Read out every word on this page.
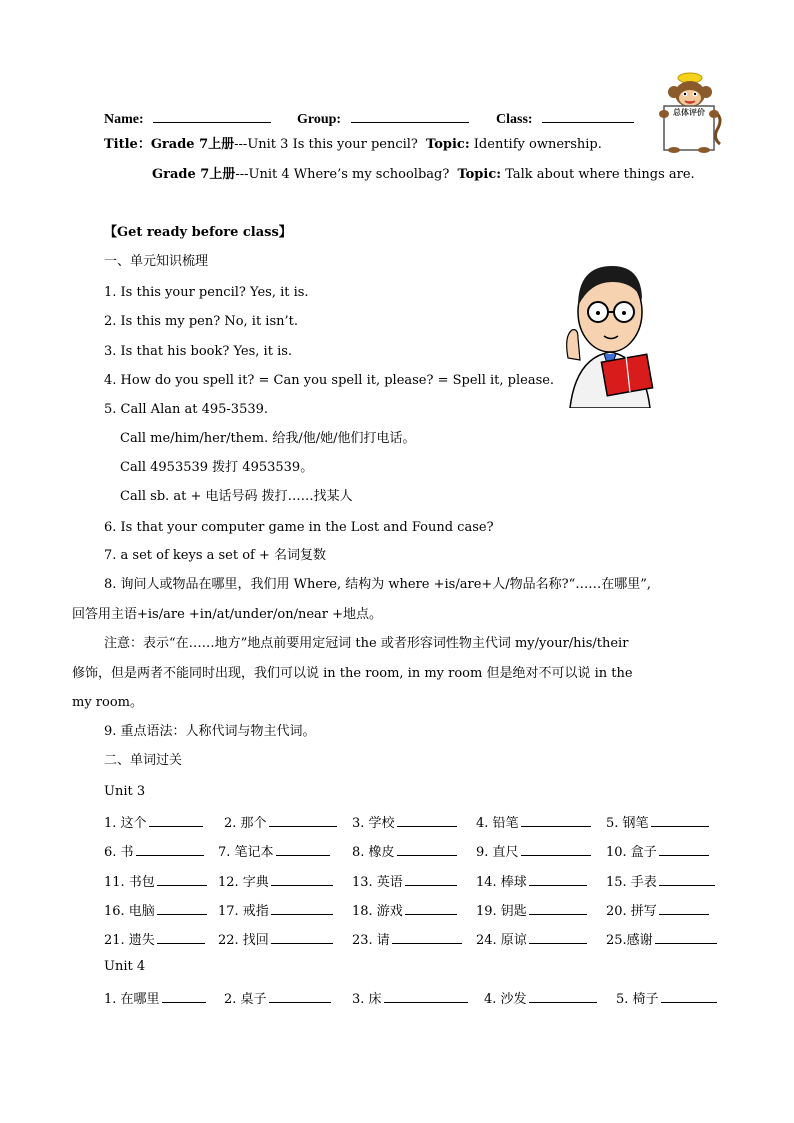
Name:	Group:	Class:
Title：Grade 7上册---Unit 3 Is this your pencil? Topic: Identify ownership.
Grade 7上册---Unit 4 Where’s my schoolbag? Topic: Talk about where things are.
总体评价
【Get ready before class】
一、单元知识梳理
1. Is this your pencil? Yes, it is.
2. Is this my pen? No, it isn’t.
3. Is that his book? Yes, it is.
4. How do you spell it? = Can you spell it, please? = Spell it, please.
5. Call Alan at 495-3539.
Call me/him/her/them. 给我/他/她/他们打电话。
Call 4953539 拨打 4953539。
Call sb. at + 电话号码 拨打……找某人
6. Is that your computer game in the Lost and Found case?
7. a set of keys a set of + 名词复数
8. 询问人或物品在哪里，我们用 Where, 结构为 where +is/are+人/物品名称?“……在哪里”,
回答用主语+is/are +in/at/under/on/near +地点。
注意：表示“在……地方”地点前要用定冠词 the 或者形容词性物主代词 my/your/his/their
修饰，但是两者不能同时出现，我们可以说 in the room, in my room 但是绝对不可以说 in the
my room。
9. 重点语法：人称代词与物主代词。
二、单词过关
Unit 3
1. 这个	2. 那个	3. 学校	4. 铅笔	5. 钢笔
6. 书	7. 笔记本	8. 橡皮	9. 直尺	10. 盒子
11. 书包	12. 字典	13. 英语	14. 棒球	15. 手表
16. 电脑	17. 戒指	18. 游戏	19. 钥匙	20. 拼写
21. 遗失	22. 找回	23. 请	24. 原谅	25.感谢
Unit 4
1. 在哪里	2. 桌子	3. 床	4. 沙发	5. 椅子
